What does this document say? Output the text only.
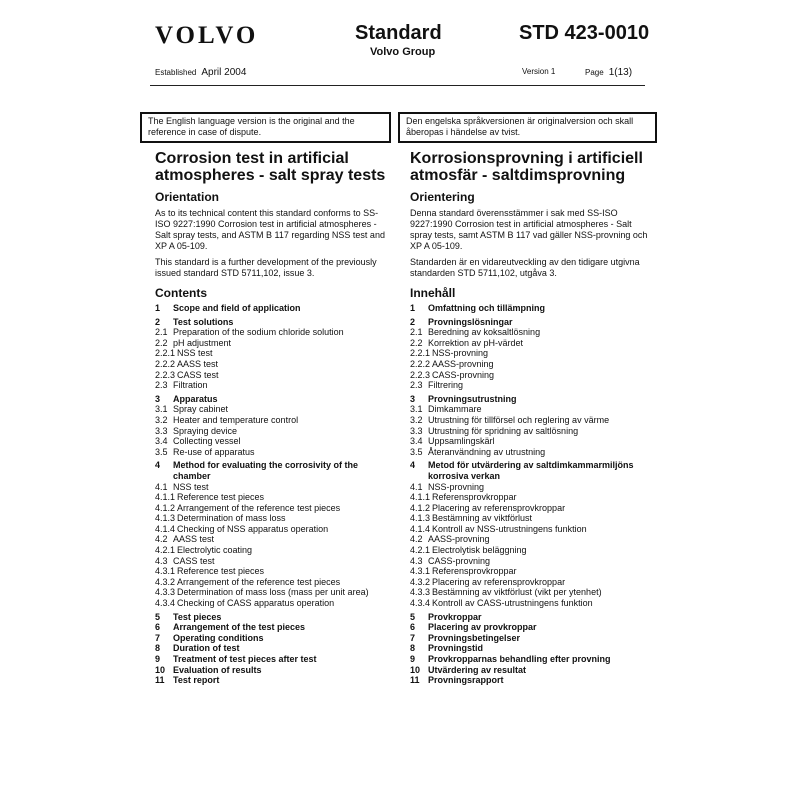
VOLVO	Standard
Volvo Group
STD 423-0010
Established April 2004	Version 1	Page 1(13)
The English language version is the original and the reference in case of dispute.
Corrosion test in artificial atmospheres - salt spray tests
Orientation
As to its technical content this standard conforms to SS-ISO 9227:1990 Corrosion test in artificial atmospheres - Salt spray tests, and ASTM B 117 regarding NSS test and XP A 05-109.
This standard is a further development of the previously issued standard STD 5711,102, issue 3.
Contents
1	Scope and field of application
2	Test solutions
2.1 Preparation of the sodium chloride solution
2.2 pH adjustment
2.2.1 NSS test
2.2.2 AASS test
2.2.3 CASS test
2.3 Filtration
3	Apparatus
3.1 Spray cabinet
3.2 Heater and temperature control
3.3 Spraying device
3.4 Collecting vessel
3.5 Re-use of apparatus
4	Method for evaluating the corrosivity of the chamber
4.1 NSS test
4.1.1 Reference test pieces
4.1.2 Arrangement of the reference test pieces
4.1.3 Determination of mass loss
4.1.4 Checking of NSS apparatus operation
4.2 AASS test
4.2.1 Electrolytic coating
4.3 CASS test
4.3.1 Reference test pieces
4.3.2 Arrangement of the reference test pieces
4.3.3 Determination of mass loss (mass per unit area)
4.3.4 Checking of CASS apparatus operation
5	Test pieces
6	Arrangement of the test pieces
7	Operating conditions
8	Duration of test
9	Treatment of test pieces after test
10 Evaluation of results
11 Test report
Den engelska språkversionen är originalversion och skall åberopas i händelse av tvist.
Korrosionsprovning i artificiell atmosfär - saltdimsprovning
Orientering
Denna standard överensstämmer i sak med SS-ISO 9227:1990 Corrosion test in artificial atmospheres - Salt spray tests, samt ASTM B 117 vad gäller NSS-provning och XP A 05-109.
Standarden är en vidareutveckling av den tidigare utgivna standarden STD 5711,102, utgåva 3.
Innehåll
1	Omfattning och tillämpning
2	Provningslösningar
2.1 Beredning av koksaltlösning
2.2 Korrektion av pH-värdet
2.2.1 NSS-provning
2.2.2 AASS-provning
2.2.3 CASS-provning
2.3 Filtrering
3	Provningsutrustning
3.1 Dimkammare
3.2 Utrustning för tillförsel och reglering av värme
3.3 Utrustning för spridning av saltlösning
3.4 Uppsamlingskärl
3.5 Återanvändning av utrustning
4	Metod för utvärdering av saltdimkammarmiljöns korrosiva verkan
4.1 NSS-provning
4.1.1 Referensprovkroppar
4.1.2 Placering av referensprovkroppar
4.1.3 Bestämning av viktförlust
4.1.4 Kontroll av NSS-utrustningens funktion
4.2 AASS-provning
4.2.1 Electrolytisk beläggning
4.3 CASS-provning
4.3.1 Referensprovkroppar
4.3.2 Placering av referensprovkroppar
4.3.3 Bestämning av viktförlust (vikt per ytenhet)
4.3.4 Kontroll av CASS-utrustningens funktion
5	Provkroppar
6	Placering av provkroppar
7	Provningsbetingelser
8	Provningstid
9	Provkropparnas behandling efter provning
10 Utvärdering av resultat
11 Provningsrapport
